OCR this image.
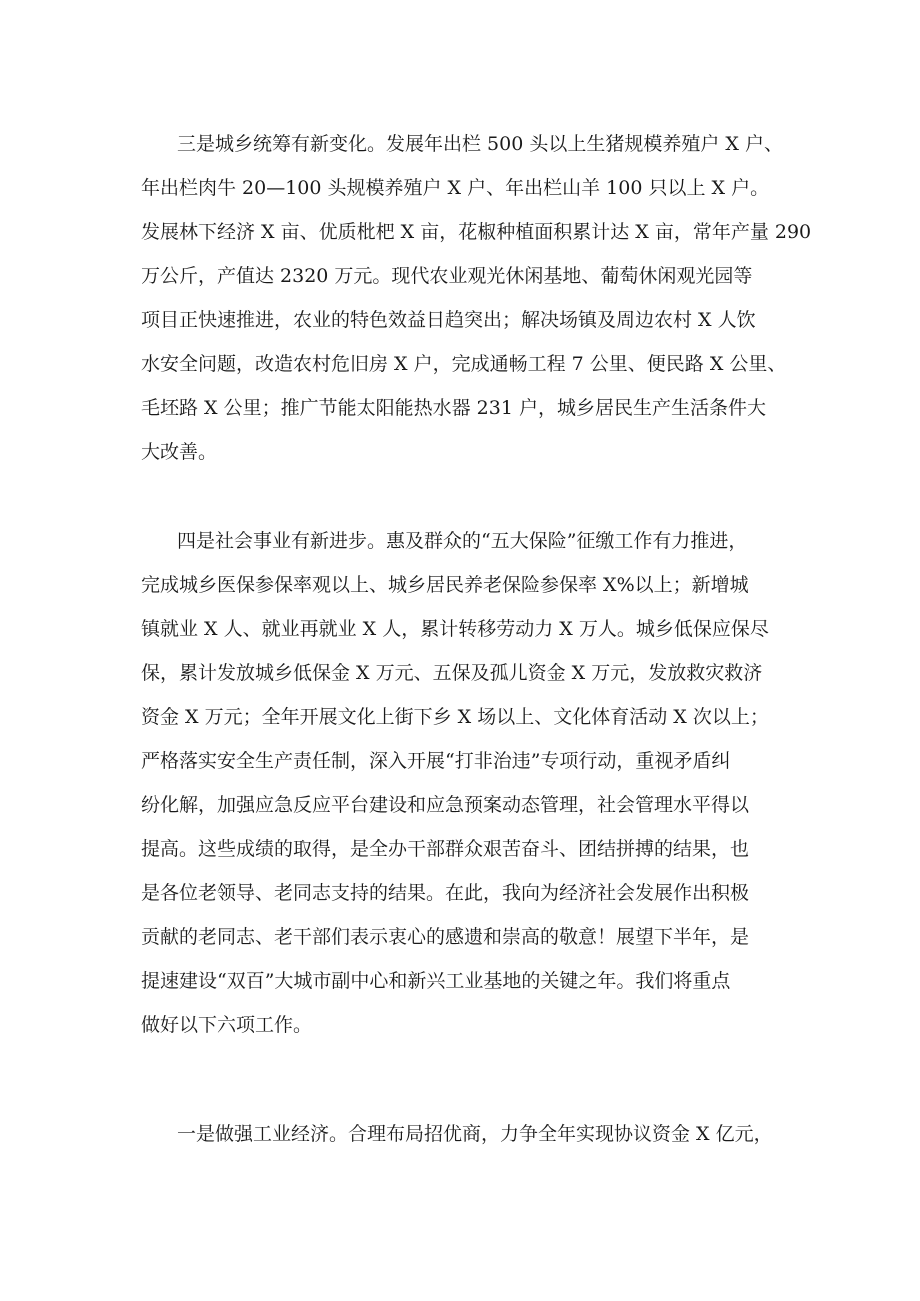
三是城乡统筹有新变化。发展年出栏 500 头以上生猪规模养殖户 X 户、
年出栏肉牛 20—100 头规模养殖户 X 户、年出栏山羊 100 只以上 X 户。
发展林下经济 X 亩、优质枇杷 X 亩，花椒种植面积累计达 X 亩，常年产量 290
万公斤，产值达 2320 万元。现代农业观光休闲基地、葡萄休闲观光园等
项目正快速推进，农业的特色效益日趋突出；解决场镇及周边农村 X 人饮
水安全问题，改造农村危旧房 X 户，完成通畅工程 7 公里、便民路 X 公里、
毛坯路 X 公里；推广节能太阳能热水器 231 户，城乡居民生产生活条件大
大改善。
四是社会事业有新进步。惠及群众的“五大保险”征缴工作有力推进，
完成城乡医保参保率观以上、城乡居民养老保险参保率 X%以上；新增城
镇就业 X 人、就业再就业 X 人，累计转移劳动力 X 万人。城乡低保应保尽
保，累计发放城乡低保金 X 万元、五保及孤儿资金 X 万元，发放救灾救济
资金 X 万元；全年开展文化上街下乡 X 场以上、文化体育活动 X 次以上；
严格落实安全生产责任制，深入开展“打非治违”专项行动，重视矛盾纠
纷化解，加强应急反应平台建设和应急预案动态管理，社会管理水平得以
提高。这些成绩的取得，是全办干部群众艰苦奋斗、团结拼搏的结果，也
是各位老领导、老同志支持的结果。在此，我向为经济社会发展作出积极
贡献的老同志、老干部们表示衷心的感遗和崇高的敬意！展望下半年，是
提速建设“双百”大城市副中心和新兴工业基地的关键之年。我们将重点
做好以下六项工作。
一是做强工业经济。合理布局招优商，力争全年实现协议资金 X 亿元，
